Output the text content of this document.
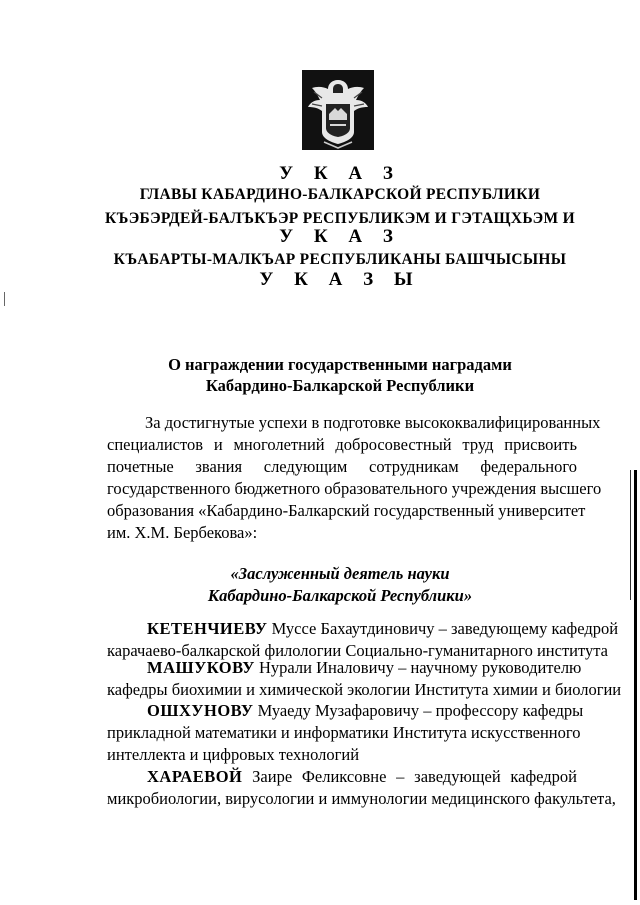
У К А З
ГЛАВЫ КАБАРДИНО-БАЛКАРСКОЙ РЕСПУБЛИКИ
КЪЭБЭРДЕЙ-БАЛЪКЪЭР РЕСПУБЛИКЭМ И ГЭТАЩХЬЭМ И
У К А З
КЪАБАРТЫ-МАЛКЪАР РЕСПУБЛИКАНЫ БАШЧЫСЫНЫ
У К А З Ы
О награждении государственными наградами
Кабардино-Балкарской Республики
За достигнутые успехи в подготовке высококвалифицированных
специалистов и многолетний добросовестный труд присвоить
почетные звания следующим сотрудникам федерального
государственного бюджетного образовательного учреждения высшего
образования «Кабардино-Балкарский государственный университет
им. Х.М. Бербекова»:
«Заслуженный деятель науки
Кабардино-Балкарской Республики»
КЕТЕНЧИЕВУ Муссе Бахаутдиновичу – заведующему кафедрой
карачаево-балкарской филологии Социально-гуманитарного института
МАШУКОВУ Нурали Иналовичу – научному руководителю
кафедры биохимии и химической экологии Института химии и биологии
ОШХУНОВУ Муаеду Музафаровичу – профессору кафедры
прикладной математики и информатики Института искусственного
интеллекта и цифровых технологий
ХАРАЕВОЙ Заире Феликсовне – заведующей кафедрой
микробиологии, вирусологии и иммунологии медицинского факультета,
